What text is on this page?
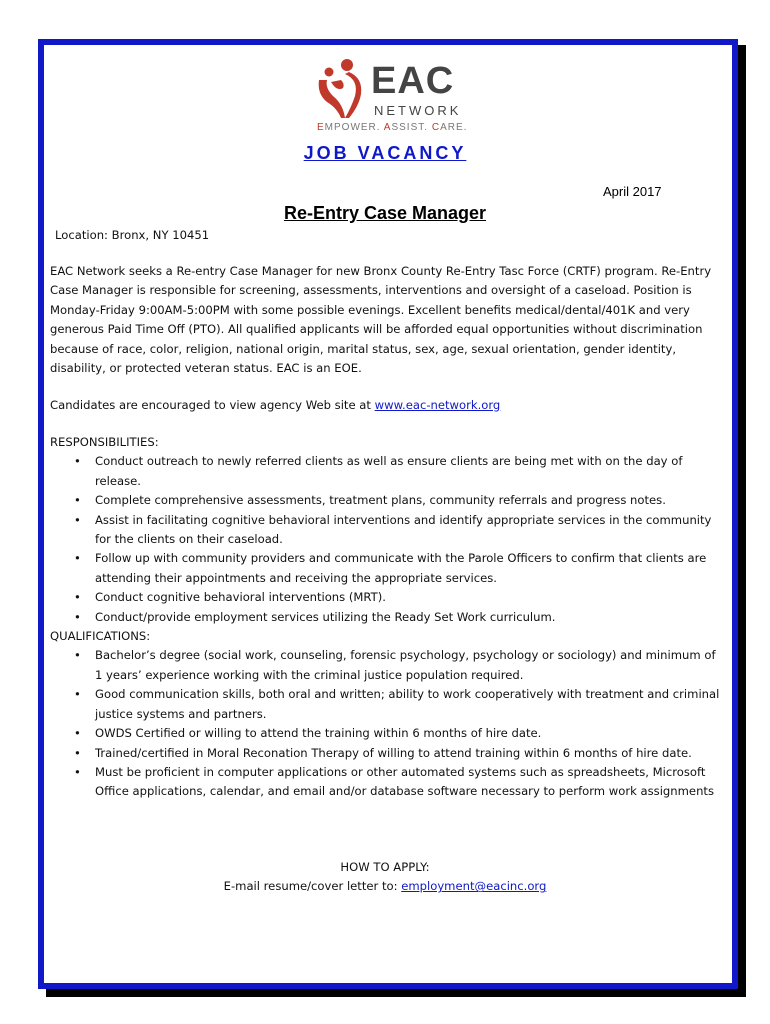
EAC
NETWORK
EMPOWER. ASSIST. CARE.
JOB VACANCY
April 2017
Re-Entry Case Manager
Location: Bronx, NY 10451
EAC Network seeks a Re-entry Case Manager for new Bronx County Re-Entry Tasc Force (CRTF) program. Re-Entry Case Manager is responsible for screening, assessments, interventions and oversight of a caseload. Position is Monday-Friday 9:00AM-5:00PM with some possible evenings. Excellent benefits medical/dental/401K and very generous Paid Time Off (PTO). All qualified applicants will be afforded equal opportunities without discrimination because of race, color, religion, national origin, marital status, sex, age, sexual orientation, gender identity, disability, or protected veteran status. EAC is an EOE.
Candidates are encouraged to view agency Web site at www.eac-network.org
RESPONSIBILITIES:
• Conduct outreach to newly referred clients as well as ensure clients are being met with on the day of release.
• Complete comprehensive assessments, treatment plans, community referrals and progress notes.
• Assist in facilitating cognitive behavioral interventions and identify appropriate services in the community for the clients on their caseload.
• Follow up with community providers and communicate with the Parole Officers to confirm that clients are attending their appointments and receiving the appropriate services.
• Conduct cognitive behavioral interventions (MRT).
• Conduct/provide employment services utilizing the Ready Set Work curriculum.
QUALIFICATIONS:
• Bachelor’s degree (social work, counseling, forensic psychology, psychology or sociology) and minimum of 1 years’ experience working with the criminal justice population required.
• Good communication skills, both oral and written; ability to work cooperatively with treatment and criminal justice systems and partners.
• OWDS Certified or willing to attend the training within 6 months of hire date.
• Trained/certified in Moral Reconation Therapy of willing to attend training within 6 months of hire date.
• Must be proficient in computer applications or other automated systems such as spreadsheets, Microsoft Office applications, calendar, and email and/or database software necessary to perform work assignments
HOW TO APPLY:
E-mail resume/cover letter to: employment@eacinc.org
